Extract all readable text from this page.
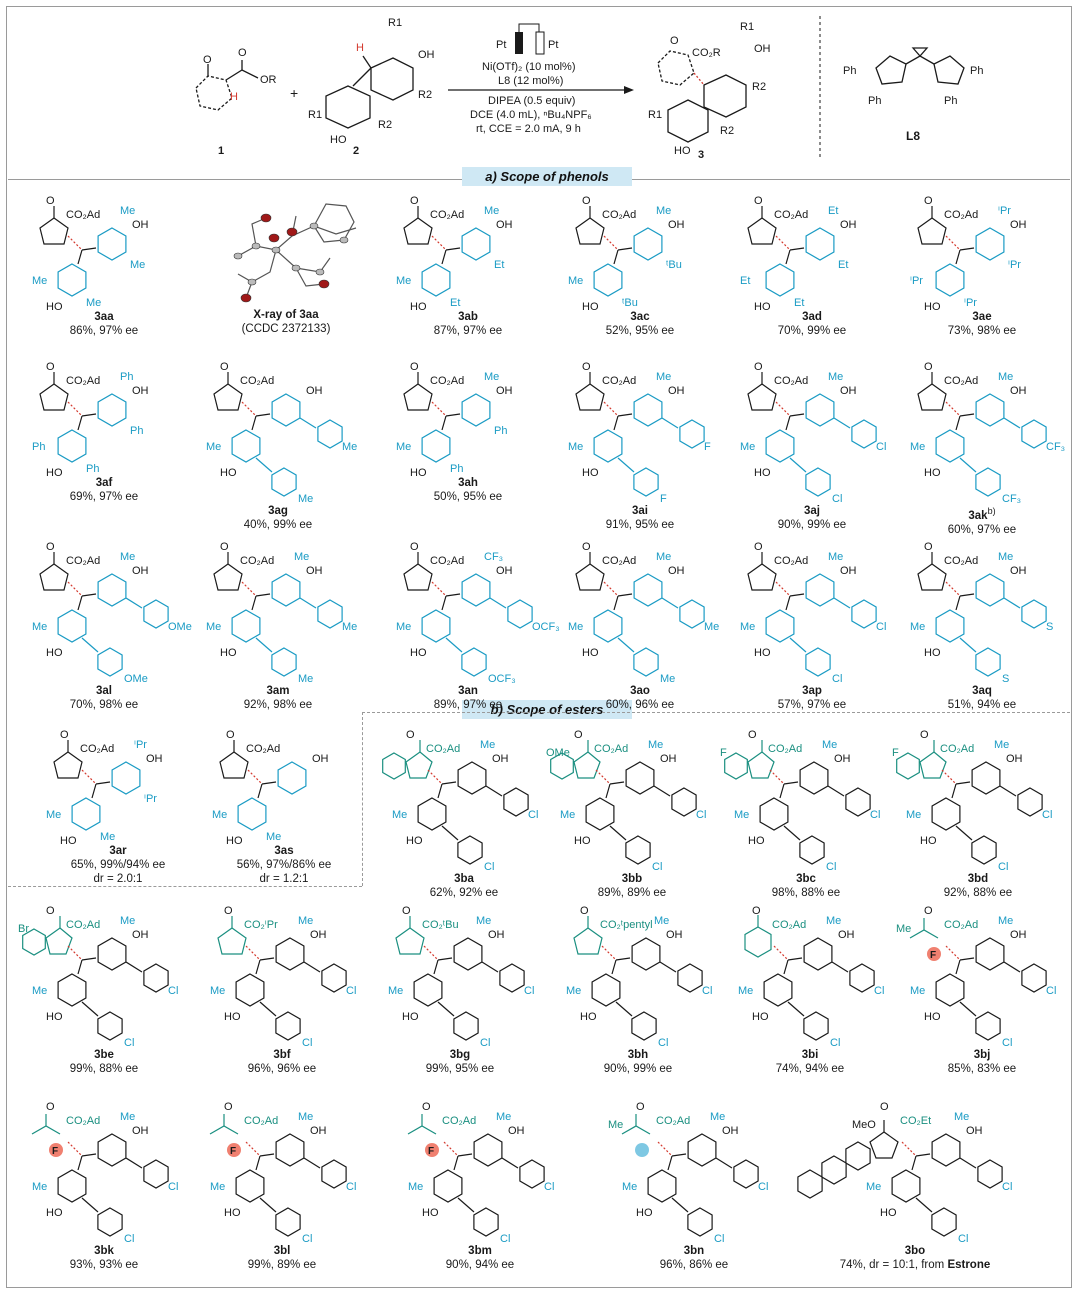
O
O
OR
H
1
+
H
R1
OH
R2
R1
HO
R2
2
Pt	Pt
Ni(OTf)₂ (10 mol%)
L8 (12 mol%)
DIPEA (0.5 equiv)
DCE (4.0 mL), ⁿBu₄NPF₆
rt, CCE = 2.0 mA, 9 h
O
CO₂R
R1
OH
R2
R1
HO
R2
3
Ph
Ph
Ph
Ph
L8
a) Scope of phenols
b) Scope of esters
X-ray of 3aa
(CCDC 2372133)
O
CO₂Ad
OH
Me
Me
Me
HO Me
3aa
86%, 97% ee
O
CO₂Ad
OH
Me
Et
Me
HO Et
3ab
87%, 97% ee
O
CO₂Ad
OH
Me
ᵗBu
Me
HO ᵗBu
3ac
52%, 95% ee
O
CO₂Ad
OH
Et
Et
Et
HO Et
3ad
70%, 99% ee
O
CO₂Ad
OH
ⁱPr
ⁱPr
ⁱPr
HO ⁱPr
3ae
73%, 98% ee
O
CO₂Ad
OH
Ph
Ph
Ph
HO Ph
3af
69%, 97% ee
O
CO₂Ad
OH
Me
Me
HO
Me
3ag
40%, 99% ee
O
CO₂Ad
OH
Me
Ph
Me
HO Ph
3ah
50%, 95% ee
O
CO₂Ad
OH
Me
F
Me
HO
F
3ai
91%, 95% ee
O
CO₂Ad
OH
Me
Cl
Me
HO
Cl
3aj
90%, 99% ee
O
CO₂Ad
OH
Me
CF₃
Me
HO
CF₃
$3ak^{b)}$
60%, 97% ee
O
CO₂Ad
OH
Me
OMe
Me
HO
OMe
3al
70%, 98% ee
O
CO₂Ad
OH
Me
Me
Me
HO
Me
3am
92%, 98% ee
O
CO₂Ad
OH
CF₃
OCF₃
Me
HO
OCF₃
3an
89%, 97% ee
O
CO₂Ad
OH
Me
Me
Me
HO
Me
3ao
60%, 96% ee
O
CO₂Ad
OH
Me
Cl
Me
HO
Cl
3ap
57%, 97% ee
O
CO₂Ad
OH
Me
S
Me
HO
S
3aq
51%, 94% ee
O
CO₂Ad
OH
ⁱPr
ⁱPr
Me
HO Me
3ar
65%, 99%/94% ee
dr = 2.0:1
O
CO₂Ad
OH
Me
HO Me
3as
56%, 97%/86% ee
dr = 1.2:1
O
CO₂Ad
OH
Me
Cl
Me
HO
Cl
3ba
62%, 92% ee
O
CO₂Ad
OH
Me
Cl
Me
HO
Cl
OMe
3bb
89%, 89% ee
O
CO₂Ad
OH
Me
Cl
Me
HO
Cl
F
3bc
98%, 88% ee
O
CO₂Ad
OH
Me
Cl
Me
HO
Cl
F
3bd
92%, 88% ee
O
CO₂Ad
OH
Me
Cl
Me
HO
Cl
Br
3be
99%, 88% ee
O
CO₂ⁱPr
OH
Me
Cl
Me
HO
Cl
3bf
96%, 96% ee
O
CO₂ᵗBu
OH
Me
Cl
Me
HO
Cl
3bg
99%, 95% ee
O
CO₂ᵗpentyl
OH
Me
Cl
Me
HO
Cl
3bh
90%, 99% ee
O
CO₂Ad
OH
Me
Cl
Me
HO
Cl
3bi
74%, 94% ee
O
CO₂Ad
OH
Me
Cl
Me
HO
Cl
Me
F
3bj
85%, 83% ee
O
CO₂Ad
OH
Me
Cl
Me
HO
Cl
F
3bk
93%, 93% ee
O
CO₂Ad
OH
Me
Cl
Me
HO
Cl
F
3bl
99%, 89% ee
O
CO₂Ad
OH
Me
Cl
Me
HO
Cl
F
3bm
90%, 94% ee
O
CO₂Ad
OH
Me
Cl
Me
HO
Cl
Me
3bn
96%, 86% ee
O
CO₂Et
OH
Me
Cl
Me
HO
Cl
MeO
3bo
74%, dr = 10:1, from Estrone
